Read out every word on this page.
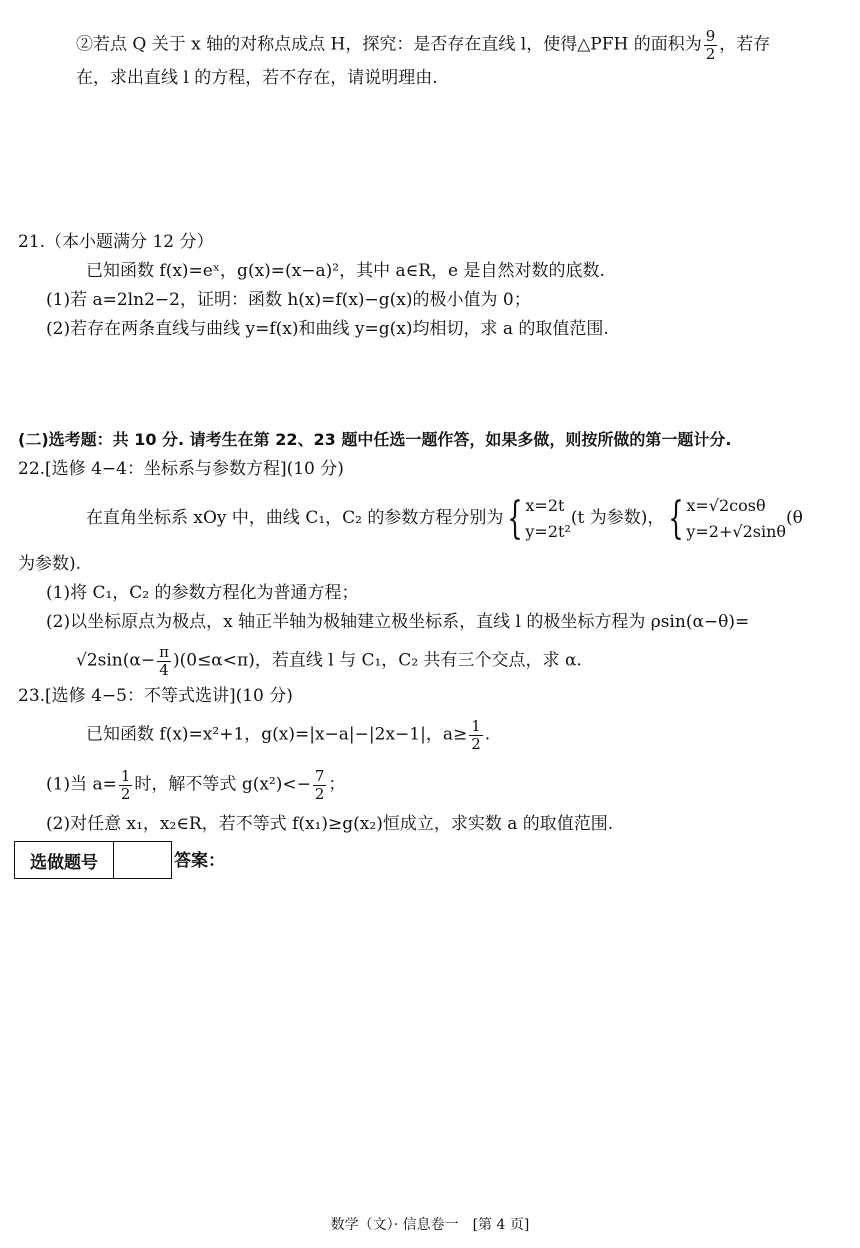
②若点 Q 关于 x 轴的对称点成点 H，探究：是否存在直线 l，使得△PFH 的面积为 $\frac{9}{2}$ ，若存
在，求出直线 l 的方程，若不存在，请说明理由.
21.（本小题满分 12 分）
已知函数 f(x)=eˣ，g(x)=(x−a)²，其中 a∈R，e 是自然对数的底数.
(1)若 a=2ln2−2，证明：函数 h(x)=f(x)−g(x)的极小值为 0；
(2)若存在两条直线与曲线 y=f(x)和曲线 y=g(x)均相切，求 a 的取值范围.
(二)选考题：共 10 分. 请考生在第 22、23 题中任选一题作答，如果多做，则按所做的第一题计分.
22.[选修 4−4：坐标系与参数方程](10 分)
在直角坐标系 xOy 中，曲线 C₁，C₂ 的参数方程分别为{ x=2t
y=2t²
(t 为参数)，{ x=√2cosθ
y=2+√2sinθ
(θ
为参数).
(1)将 C₁，C₂ 的参数方程化为普通方程；
(2)以坐标原点为极点，x 轴正半轴为极轴建立极坐标系，直线 l 的极坐标方程为 ρsin(α−θ)=
$√2\sin(\alpha- \frac{\pi}{4} )(0\le\alpha<\pi)$，若直线 l 与 C₁，C₂ 共有三个交点，求 α.
23.[选修 4−5：不等式选讲](10 分)
已知函数 f(x)=x²+1，g(x)=|x−a|−|2x−1|，$a\ge \frac{1}{2}$ .
(1)当 $a= \frac{1}{2}$ 时，解不等式 $g(x^2)<- \frac{7}{2}$ ；
(2)对任意 x₁，x₂∈R，若不等式 f(x₁)≥g(x₂)恒成立，求实数 a 的取值范围.
选做题号	答案：
数学（文）· 信息卷一　[第 4 页]
